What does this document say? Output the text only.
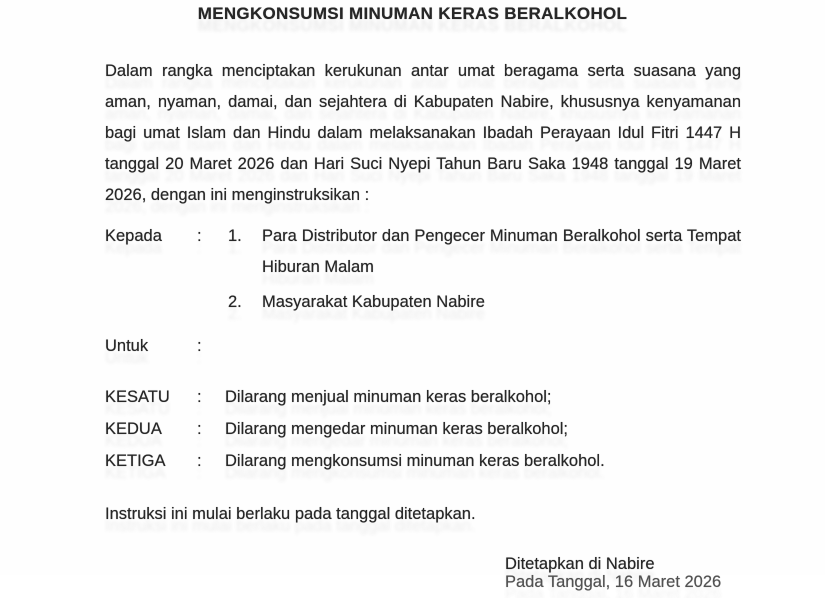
MENGKONSUMSI MINUMAN KERAS BERALKOHOL
Dalam rangka menciptakan kerukunan antar umat beragama serta suasana yang
aman, nyaman, damai, dan sejahtera di Kabupaten Nabire, khususnya kenyamanan
bagi umat Islam dan Hindu dalam melaksanakan Ibadah Perayaan Idul Fitri 1447 H
tanggal 20 Maret 2026 dan Hari Suci Nyepi Tahun Baru Saka 1948 tanggal 19 Maret
2026, dengan ini menginstruksikan :
Kepada : 1. Para Distributor dan Pengecer Minuman Beralkohol serta Tempat
Hiburan Malam
2. Masyarakat Kabupaten Nabire
Untuk	:
KESATU : Dilarang menjual minuman keras beralkohol;
KEDUA : Dilarang mengedar minuman keras beralkohol;
KETIGA : Dilarang mengkonsumsi minuman keras beralkohol.
Instruksi ini mulai berlaku pada tanggal ditetapkan.
Ditetapkan di Nabire
Pada Tanggal, 16 Maret 2026
